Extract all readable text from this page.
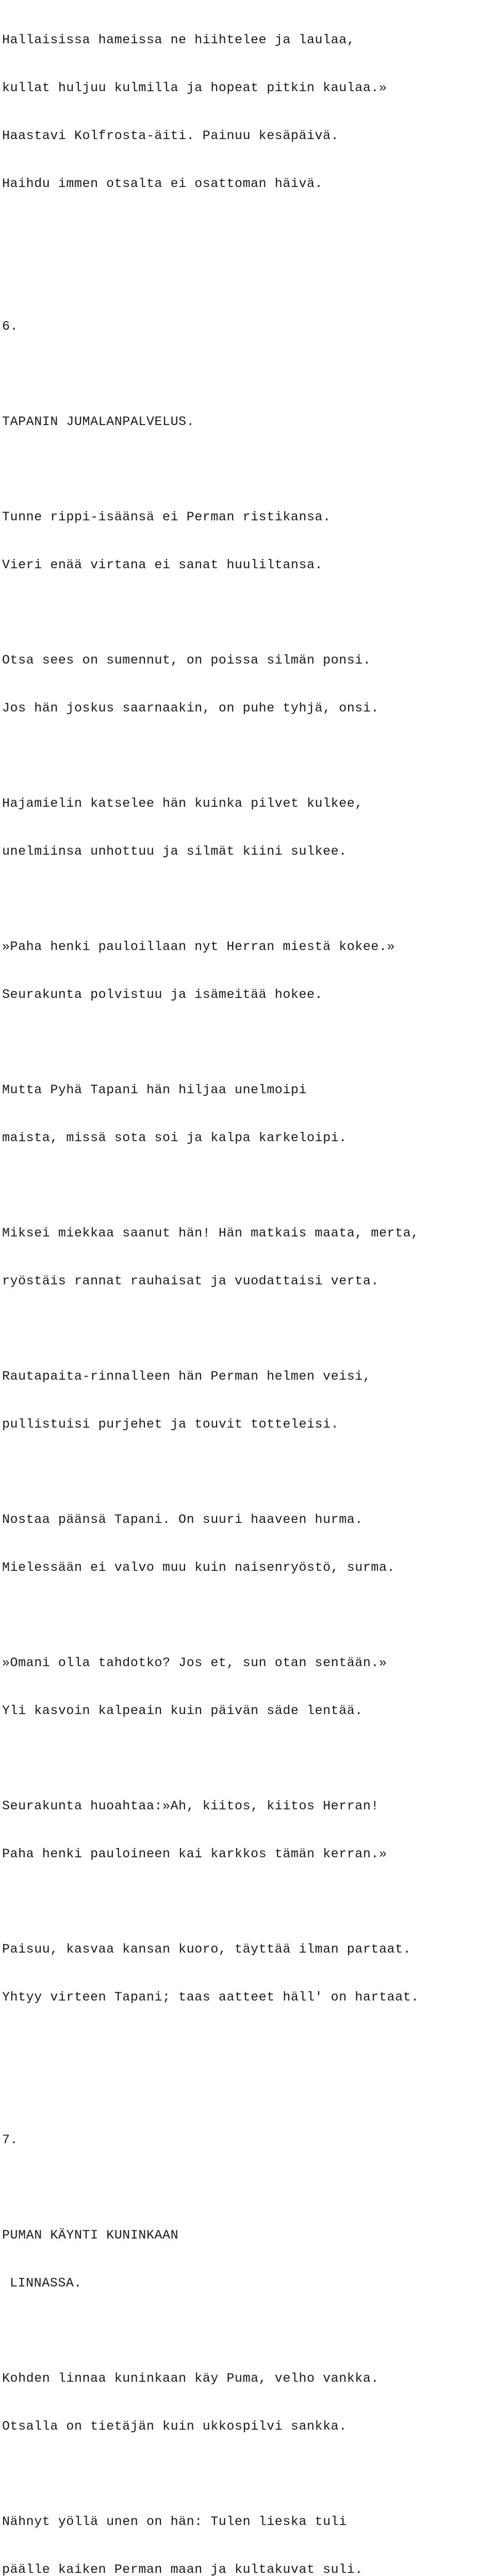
Hallaisissa hameissa ne hiihtelee ja laulaa,

kullat huljuu kulmilla ja hopeat pitkin kaulaa.»

Haastavi Kolfrosta-äiti. Painuu kesäpäivä.

Haihdu immen otsalta ei osattoman häivä.

6.

TAPANIN JUMALANPALVELUS.

Tunne rippi-isäänsä ei Perman ristikansa.

Vieri enää virtana ei sanat huuliltansa.

Otsa sees on sumennut, on poissa silmän ponsi.

Jos hän joskus saarnaakin, on puhe tyhjä, onsi.

Hajamielin katselee hän kuinka pilvet kulkee,

unelmiinsa unhottuu ja silmät kiini sulkee.

»Paha henki pauloillaan nyt Herran miestä kokee.»

Seurakunta polvistuu ja isämeitää hokee.

Mutta Pyhä Tapani hän hiljaa unelmoipi

maista, missä sota soi ja kalpa karkeloipi.

Miksei miekkaa saanut hän! Hän matkais maata, merta,

ryöstäis rannat rauhaisat ja vuodattaisi verta.

Rautapaita-rinnalleen hän Perman helmen veisi,

pullistuisi purjehet ja touvit totteleisi.

Nostaa päänsä Tapani. On suuri haaveen hurma.

Mielessään ei valvo muu kuin naisenryöstö, surma.

»Omani olla tahdotko? Jos et, sun otan sentään.»

Yli kasvoin kalpeain kuin päivän säde lentää.

Seurakunta huoahtaa:»Ah, kiitos, kiitos Herran!

Paha henki pauloineen kai karkkos tämän kerran.»

Paisuu, kasvaa kansan kuoro, täyttää ilman partaat.

Yhtyy virteen Tapani; taas aatteet häll' on hartaat.

7.

PUMAN KÄYNTI KUNINKAAN

LINNASSA.

Kohden linnaa kuninkaan käy Puma, velho vankka.

Otsalla on tietäjän kuin ukkospilvi sankka.

Nähnyt yöllä unen on hän: Tulen lieska tuli

päälle kaiken Perman maan ja kultakuvat suli.
